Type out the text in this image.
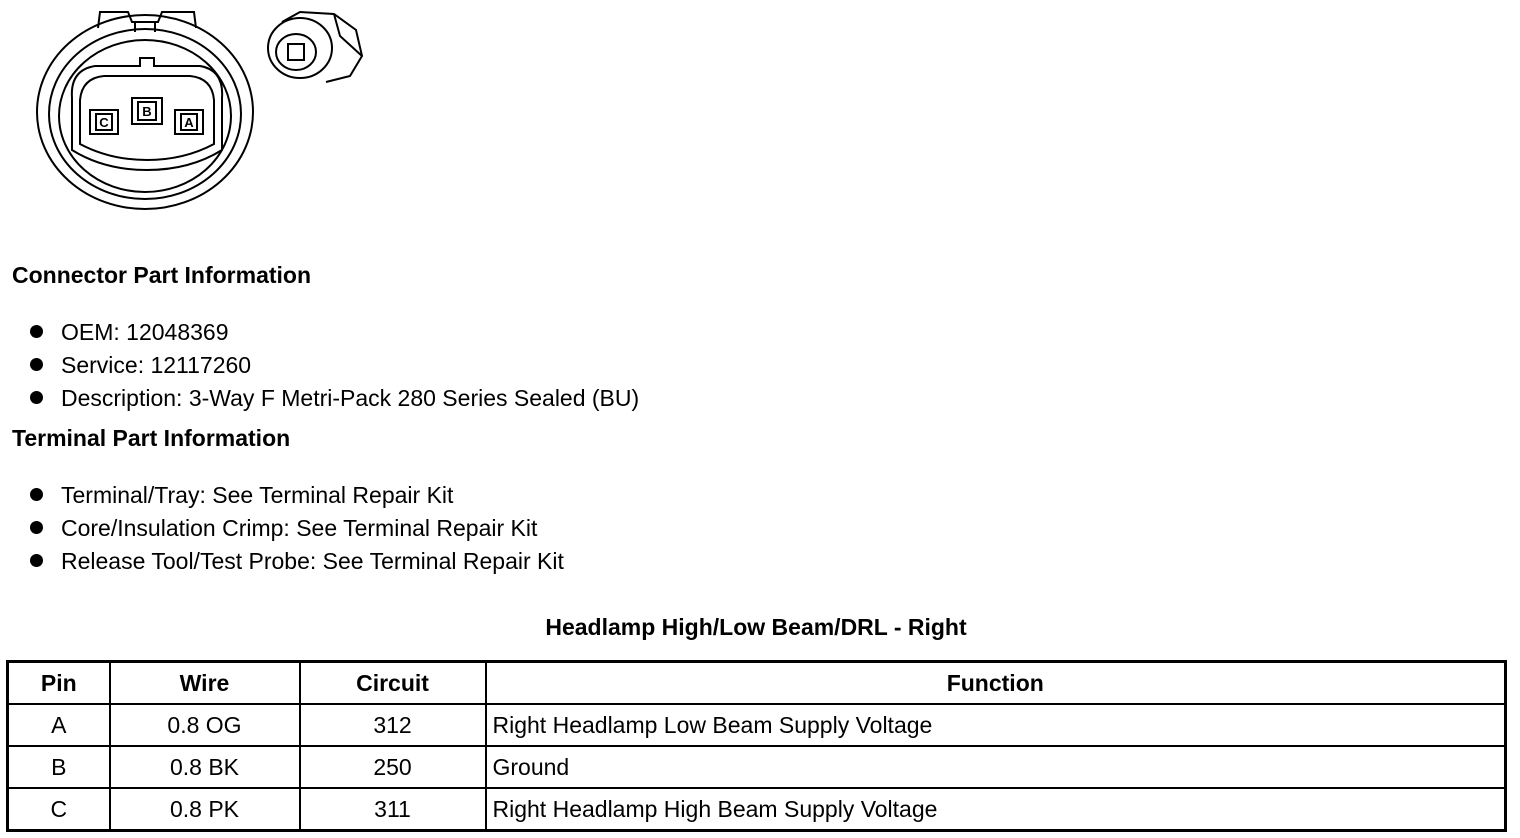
C
B
A
Connector Part Information
OEM: 12048369
Service: 12117260
Description: 3-Way F Metri-Pack 280 Series Sealed (BU)
Terminal Part Information
Terminal/Tray: See Terminal Repair Kit
Core/Insulation Crimp: See Terminal Repair Kit
Release Tool/Test Probe: See Terminal Repair Kit
Headlamp High/Low Beam/DRL - Right
Pin	Wire	Circuit	Function
A	0.8 OG	312	Right Headlamp Low Beam Supply Voltage
B	0.8 BK	250	Ground
C	0.8 PK	311	Right Headlamp High Beam Supply Voltage
